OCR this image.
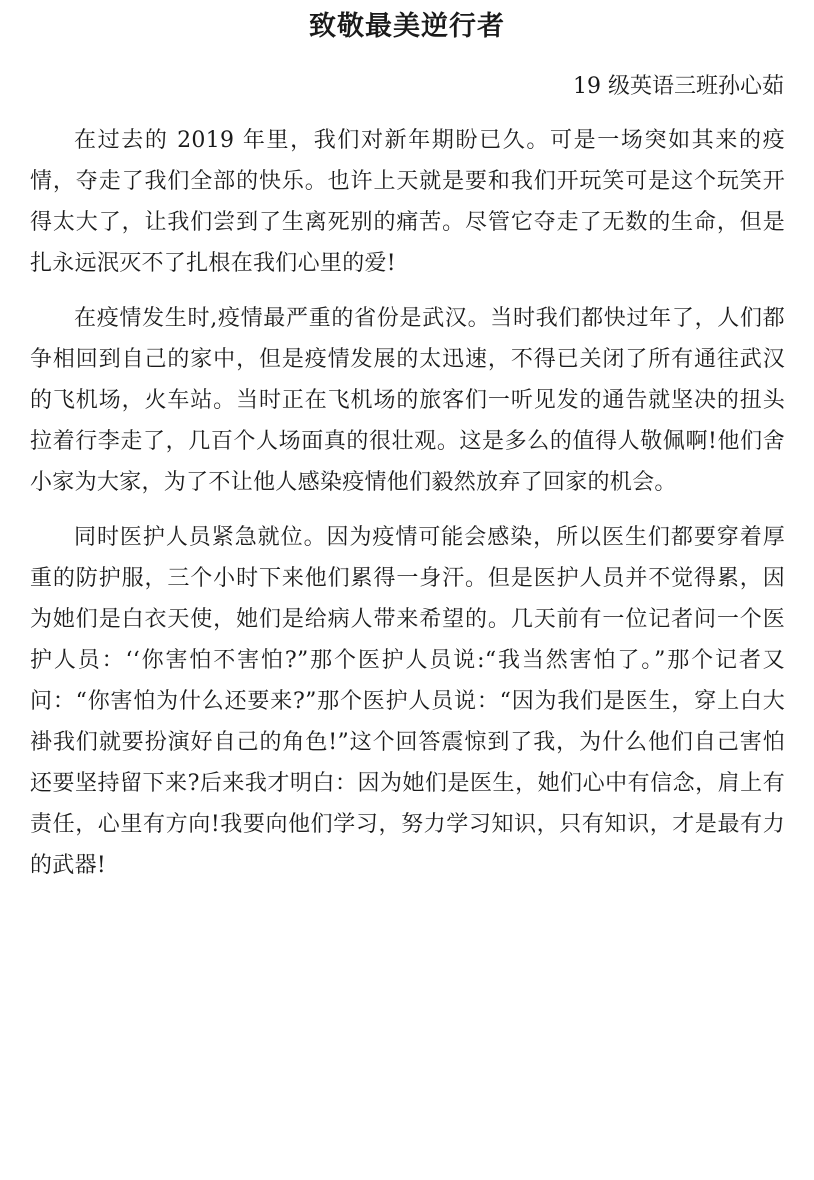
致敬最美逆行者

19 级英语三班孙心茹

在过去的 2019 年里，我们对新年期盼已久。可是一场突如其来的疫情，夺走了我们全部的快乐。也许上天就是要和我们开玩笑可是这个玩笑开得太大了，让我们尝到了生离死别的痛苦。尽管它夺走了无数的生命，但是扎永远泯灭不了扎根在我们心里的爱!

在疫情发生时,疫情最严重的省份是武汉。当时我们都快过年了，人们都争相回到自己的家中，但是疫情发展的太迅速，不得已关闭了所有通往武汉的飞机场，火车站。当时正在飞机场的旅客们一听见发的通告就坚决的扭头拉着行李走了，几百个人场面真的很壮观。这是多么的值得人敬佩啊!他们舍小家为大家，为了不让他人感染疫情他们毅然放弃了回家的机会。

同时医护人员紧急就位。因为疫情可能会感染，所以医生们都要穿着厚重的防护服，三个小时下来他们累得一身汗。但是医护人员并不觉得累，因为她们是白衣天使，她们是给病人带来希望的。几天前有一位记者问一个医护人员：‘‘你害怕不害怕?”那个医护人员说:“我当然害怕了。”那个记者又问：“你害怕为什么还要来?”那个医护人员说：“因为我们是医生，穿上白大褂我们就要扮演好自己的角色!”这个回答震惊到了我，为什么他们自己害怕还要坚持留下来?后来我才明白：因为她们是医生，她们心中有信念，肩上有责任，心里有方向!我要向他们学习，努力学习知识，只有知识，才是最有力的武器!
